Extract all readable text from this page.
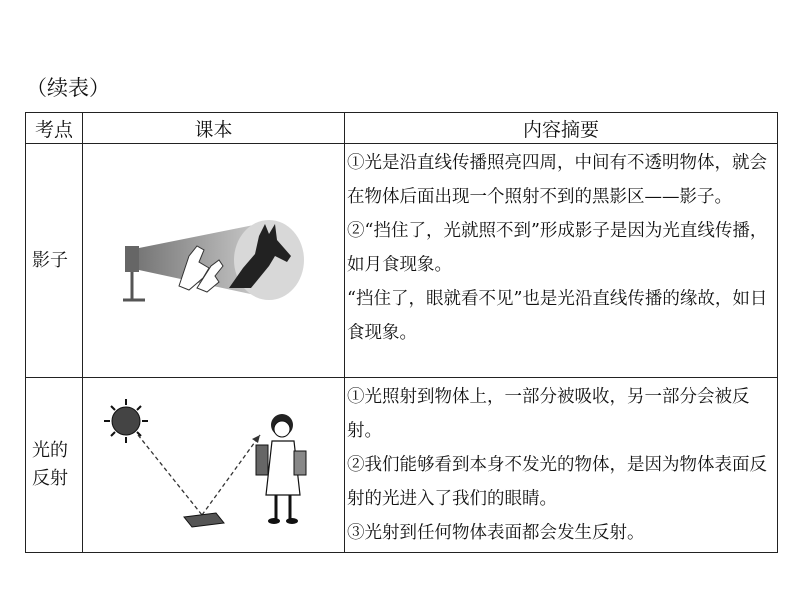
（续表）
考点	课本	内容摘要
影子		①光是沿直线传播照亮四周，中间有不透明物体，就会在物体后面出现一个照射不到的黑影区——影子。

②“挡住了，光就照不到”形成影子是因为光直线传播，如月食现象。

“挡住了，眼就看不见”也是光沿直线传播的缘故，如日食现象。

光的反射		①光照射到物体上，一部分被吸收，另一部分会被反射。

②我们能够看到本身不发光的物体，是因为物体表面反射的光进入了我们的眼睛。

③光射到任何物体表面都会发生反射。
